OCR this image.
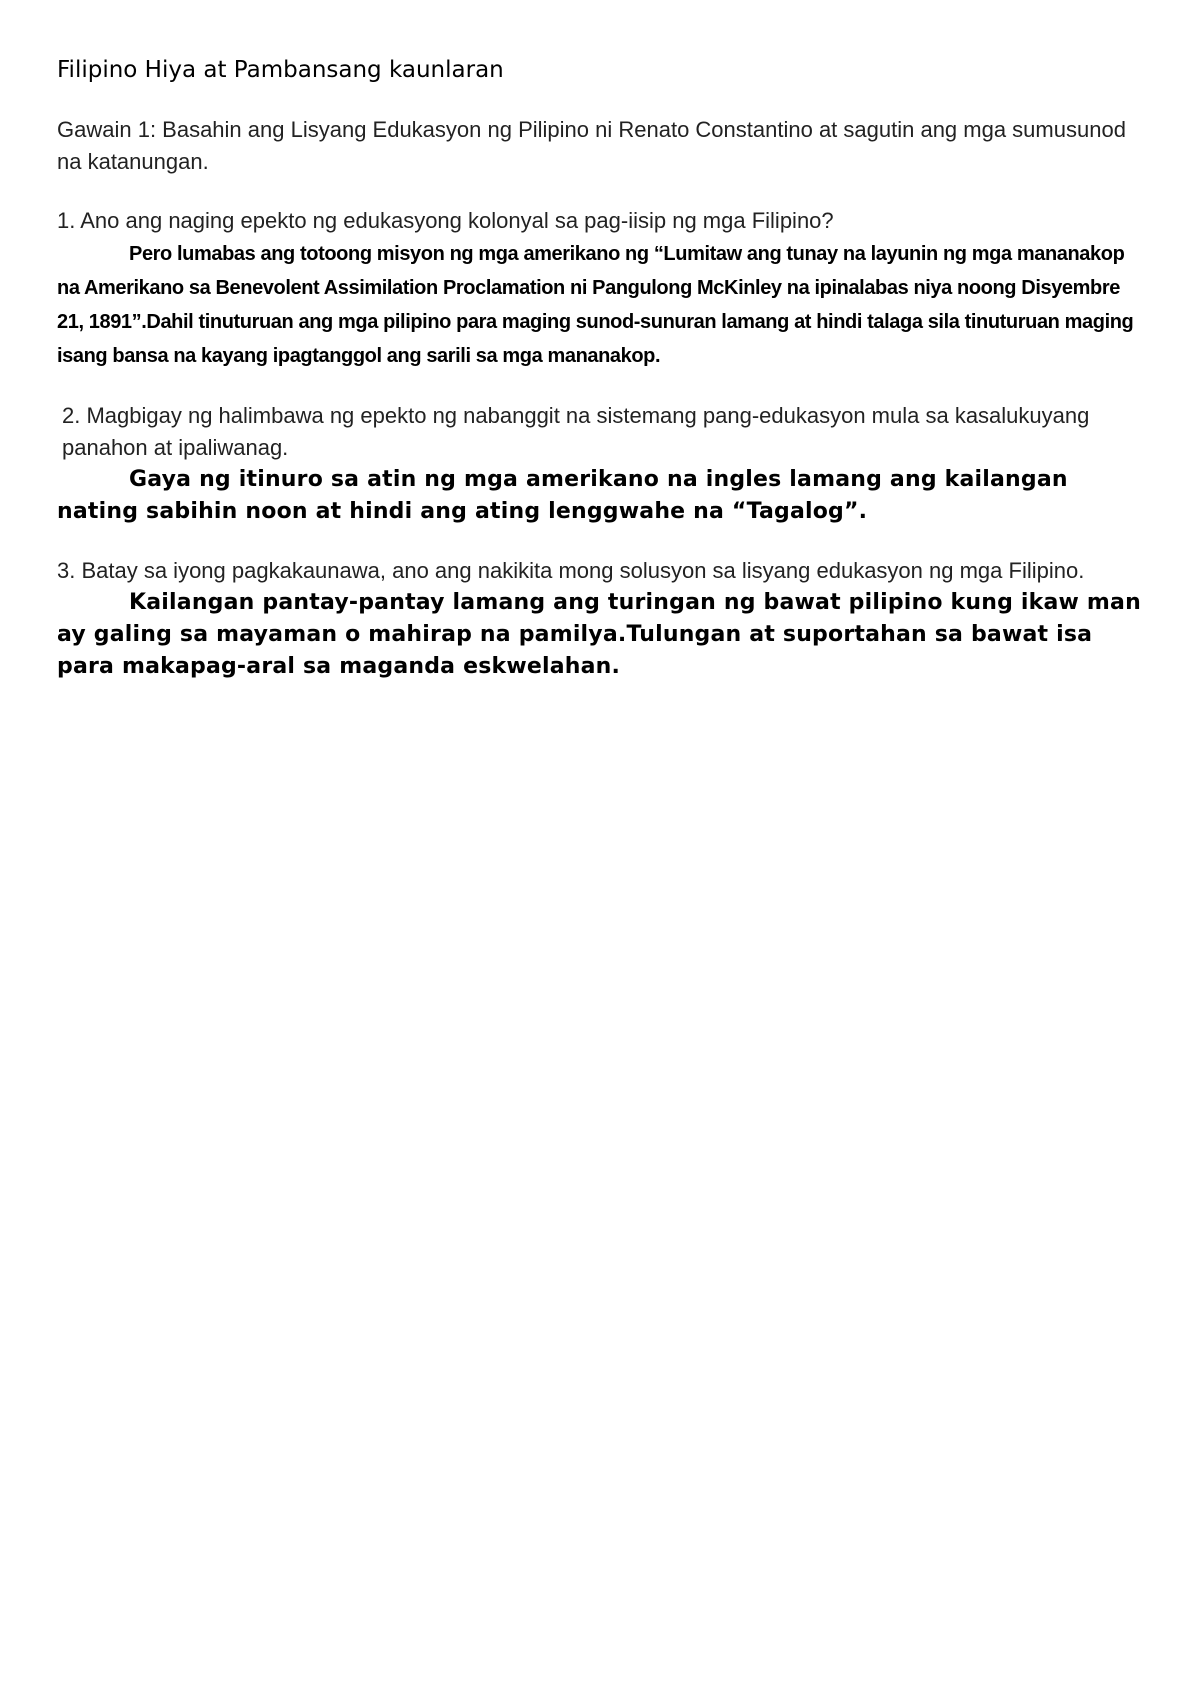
Filipino Hiya at Pambansang kaunlaran

Gawain 1: Basahin ang Lisyang Edukasyon ng Pilipino ni Renato Constantino at sagutin ang mga sumusunod na katanungan.

1. Ano ang naging epekto ng edukasyong kolonyal sa pag-iisip ng mga Filipino?

Pero lumabas ang totoong misyon ng mga amerikano ng “Lumitaw ang tunay na layunin ng mga mananakop na Amerikano sa Benevolent Assimilation Proclamation ni Pangulong McKinley na ipinalabas niya noong Disyembre 21, 1891”.Dahil tinuturuan ang mga pilipino para maging sunod-sunuran lamang at hindi talaga sila tinuturuan maging isang bansa na kayang ipagtanggol ang sarili sa mga mananakop.

2. Magbigay ng halimbawa ng epekto ng nabanggit na sistemang pang-edukasyon mula sa kasalukuyang panahon at ipaliwanag.

Gaya ng itinuro sa atin ng mga amerikano na ingles lamang ang kailangan nating sabihin noon at hindi ang ating lenggwahe na “Tagalog”.

3. Batay sa iyong pagkakaunawa, ano ang nakikita mong solusyon sa lisyang edukasyon ng mga Filipino.

Kailangan pantay-pantay lamang ang turingan ng bawat pilipino kung ikaw man ay galing sa mayaman o mahirap na pamilya.Tulungan at suportahan sa bawat isa para makapag-aral sa maganda eskwelahan.
